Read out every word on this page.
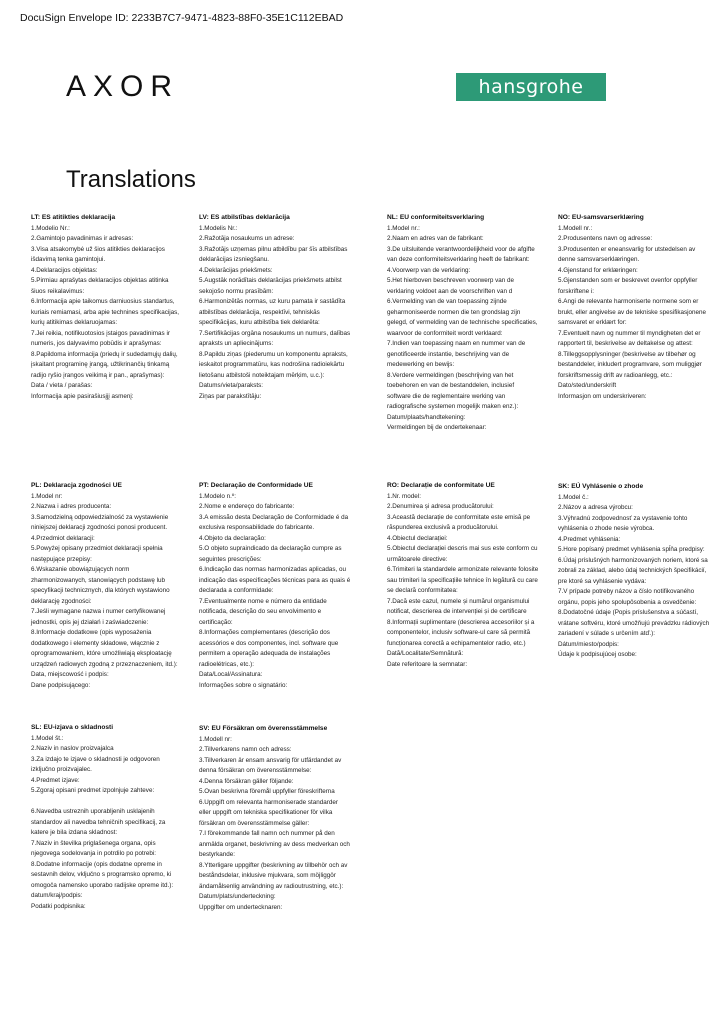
DocuSign Envelope ID: 2233B7C7-9471-4823-88F0-35E1C112EBAD
AXOR	hansgrohe
Translations
LT: ES atitikties deklaracija
1.Modelio Nr.:
2.Gamintojo pavadinimas ir adresas:
3.Visa atsakomybė už šios atitikties deklaracijos išdavimą tenka gamintojui.
4.Deklaracijos objektas:
5.Pirmiau aprašytas deklaracijos objektas atitinka šiuos reikalavimus:
6.Informacija apie taikomus darniuosius standartus, kuriais remiamasi, arba apie technines specifikacijas, kurių atitikimas deklaruojamas:
7.Jei reikia, notifikuotosios įstaigos pavadinimas ir numeris, jos dalyvavimo pobūdis ir aprašymas:
8.Papildoma informacija (priedų ir sudedamųjų dalių, įskaitant programinę įrangą, užtikrinančių tinkamą radijo ryšio įrangos veikimą ir pan., aprašymas):
Data / vieta / parašas:
Informacija apie pasirašiusįjį asmenį:
LV: ES atbilstības deklarācija
1.Modelis Nr.:
2.Ražotāja nosaukums un adrese:
3.Ražotājs uzņemas pilnu atbildību par šīs atbilstības deklarācijas izsniegšanu.
4.Deklarācijas priekšmets:
5.Augstāk norādītais deklarācijas priekšmets atbilst sekojošo normu prasībām:
6.Harmonizētās normas, uz kuru pamata ir sastādīta atbilstības deklarācija, respektīvi, tehniskās specifikācijas, kuru atbilstība tiek deklarēta:
7.Sertifikācijas orgāna nosaukums un numurs, dalības apraksts un apliecinājums:
8.Papildu ziņas (piederumu un komponentu apraksts, ieskaitot programmatūru, kas nodrošina radioiekārtu lietošanu atbilstoši noteiktajam mērķim, u.c.):
Datums/vieta/paraksts:
Ziņas par parakstītāju:
NL: EU conformiteitsverklaring
1.Model nr.:
2.Naam en adres van de fabrikant:
3.De uitsluitende verantwoordelijkheid voor de afgifte van deze conformiteitsverklaring heeft de fabrikant:
4.Voorwerp van de verklaring:
5.Het hierboven beschreven voorwerp van de verklaring voldoet aan de voorschriften van d
6.Vermelding van de van toepassing zijnde geharmoniseerde normen die ten grondslag zijn gelegd, of vermelding van de technische specificaties, waarvoor de conformiteit wordt verklaard:
7.Indien van toepassing naam en nummer van de genotificeerde instantie, beschrijving van de medewerking en bewijs:
8.Verdere vermeldingen (beschrijving van het toebehoren en van de bestanddelen, inclusief software die de reglementaire werking van radiografische systemen mogelijk maken enz.):
Datum/plaats/handtekening:
Vermeldingen bij de ondertekenaar:
NO: EU-samsvarserklæring
1.Modell nr.:
2.Produsentens navn og adresse:
3.Produsenten er eneansvarlig for utstedelsen av denne samsvarserklæringen.
4.Gjenstand for erklæringen:
5.Gjenstanden som er beskrevet ovenfor oppfyller forskriftene i:
6.Angi de relevante harmoniserte normene som er brukt, eller angivelse av de tekniske spesifikasjonene samsvaret er erklært for:
7.Eventuelt navn og nummer til myndigheten det er rapportert til, beskrivelse av deltakelse og attest:
8.Tilleggsopplysninger (beskrivelse av tilbehør og bestanddeler, inkludert programvare, som muliggjør forskriftsmessig drift av radioanlegg, etc.:
Dato/sted/underskrift
Informasjon om underskriveren:
PL: Deklaracja zgodności UE
1.Model nr:
2.Nazwa i adres producenta:
3.Samodzielną odpowiedzialność za wystawienie niniejszej deklaracji zgodności ponosi producent.
4.Przedmiot deklaracji:
5.Powyżej opisany przedmiot deklaracji spełnia następujące przepisy:
6.Wskazanie obowiązujących norm zharmonizowanych, stanowiących podstawę lub specyfikacji technicznych, dla których wystawiono deklarację zgodności:
7.Jeśli wymagane nazwa i numer certyfikowanej jednostki, opis jej działań i zaświadczenie:
8.Informacje dodatkowe (opis wyposażenia dodatkowego i elementy składowe, włącznie z oprogramowaniem, które umożliwiają eksploatację urządzeń radiowych zgodną z przeznaczeniem, itd.):
Data, miejscowość i podpis:
Dane podpisującego:
PT: Declaração de Conformidade UE
1.Modelo n.º:
2.Nome e endereço do fabricante:
3.A emissão desta Declaração de Conformidade é da exclusiva responsabilidade do fabricante.
4.Objeto da declaração:
5.O objeto supraindicado da declaração cumpre as seguintes prescrições:
6.Indicação das normas harmonizadas aplicadas, ou indicação das especificações técnicas para as quais é declarada a conformidade:
7.Eventualmente nome e número da entidade notificada, descrição do seu envolvimento e certificação:
8.Informações complementares (descrição dos acessórios e dos componentes, incl. software que permitem a operação adequada de instalações radioelétricas, etc.):
Data/Local/Assinatura:
Informações sobre o signatário:
RO: Declarație de conformitate UE
1.Nr. model:
2.Denumirea și adresa producătorului:
3.Această declarație de conformitate este emisă pe răspunderea exclusivă a producătorului.
4.Obiectul declarației:
5.Obiectul declarației descris mai sus este conform cu următoarele directive:
6.Trimiteri la standardele armonizate relevante folosite sau trimiteri la specificațiile tehnice în legătură cu care se declară conformitatea:
7.Dacă este cazul, numele și numărul organismului notificat, descrierea de intervenției și de certificare
8.Informații suplimentare (descrierea accesoriilor și a componentelor, inclusiv software-ul care să permită funcționarea corectă a echipamentelor radio, etc.)
Dată/Localitate/Semnătură:
Date referitoare la semnatar:
SK: EÚ Vyhlásenie o zhode
1.Model č.:
2.Názov a adresa výrobcu:
3.Výhradnú zodpovednosť za vystavenie tohto vyhlásenia o zhode nesie výrobca.
4.Predmet vyhlásenia:
5.Hore popísaný predmet vyhlásenia spĺňa predpisy:
6.Údaj príslušných harmonizovaných noriem, ktoré sa zobrali za základ, alebo údaj technických špecifikácií, pre ktoré sa vyhlásenie vydáva:
7.V prípade potreby názov a číslo notifikovaného orgánu, popis jeho spolupôsobenia a osvedčenie:
8.Dodatočné údaje (Popis príslušenstva a súčastí, vrátane softvéru, ktoré umožňujú prevádzku rádiových zariadení v súlade s určením atď.):
Dátum/miesto/podpis:
Údaje k podpisujúcej osobe:
SL: EU-izjava o skladnosti
1.Model št.:
2.Naziv in naslov proizvajalca
3.Za izdajo te izjave o skladnosti je odgovoren izključno proizvajalec.
4.Predmet izjave:
5.Zgoraj opisani predmet izpolnjuje zahteve:
6.Navedba ustreznih uporabljenih usklajenih standardov ali navedba tehničnih specifikacij, za katere je bila izdana skladnost:
7.Naziv in številka priglašenega organa, opis njegovega sodelovanja in potrdilo po potrebi:
8.Dodatne informacije (opis dodatne opreme in sestavnih delov, vključno s programsko opremo, ki omogoča namensko uporabo radijske opreme itd.):
datum/kraj/podpis:
Podatki podpisnika:
SV: EU Försäkran om överensstämmelse
1.Modell nr:
2.Tillverkarens namn och adress:
3.Tillverkaren är ensam ansvarig för utfärdandet av denna försäkran om överensstämmelse:
4.Denna försäkran gäller följande:
5.Ovan beskrivna föremål uppfyller föreskrifterna
6.Uppgift om relevanta harmoniserade standarder eller uppgift om tekniska specifikationer för vilka försäkran om överensstämmelse gäller:
7.I förekommande fall namn och nummer på den anmälda organet, beskrivning av dess medverkan och bestyrkande:
8.Ytterligare uppgifter (beskrivning av tillbehör och av beståndsdelar, inklusive mjukvara, som möjliggör ändamålsenlig användning av radioutrustning, etc.):
Datum/plats/underteckning:
Uppgifter om undertecknaren:
